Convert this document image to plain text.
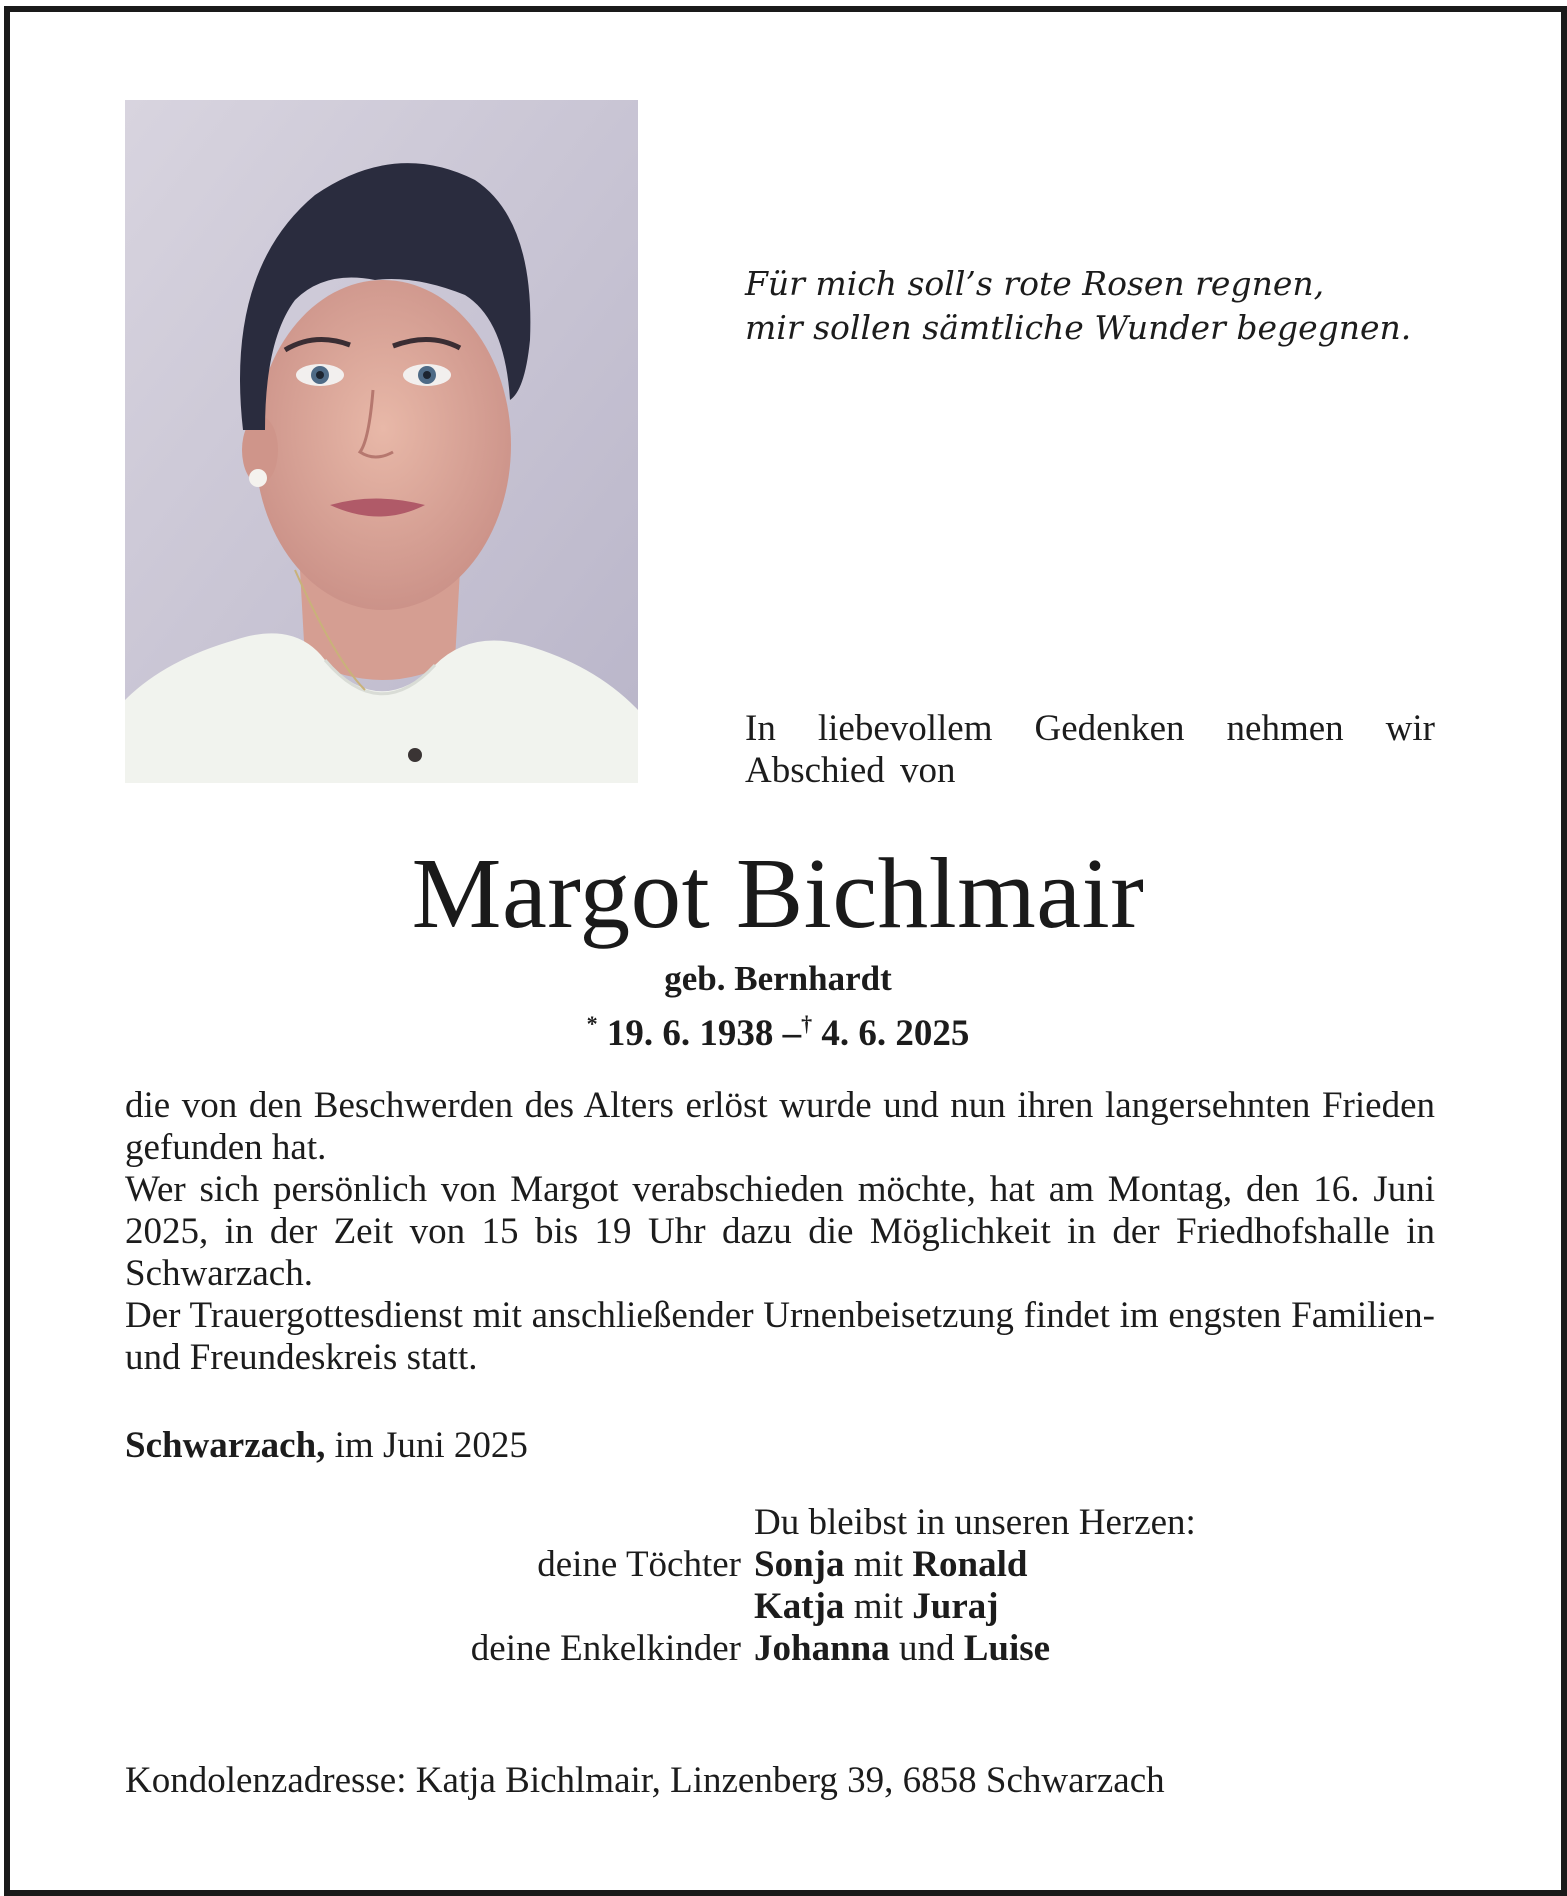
Für mich soll’s rote Rosen regnen,
mir sollen sämtliche Wunder begegnen.
In liebevollem Gedenken nehmen wir Abschied von
Margot Bichlmair
geb. Bernhardt
* 19. 6. 1938 –† 4. 6. 2025

die von den Beschwerden des Alters erlöst wurde und nun ihren langersehnten Frieden gefunden hat.

Wer sich persönlich von Margot verabschieden möchte, hat am Montag, den 16. Juni 2025, in der Zeit von 15 bis 19 Uhr dazu die Möglichkeit in der Friedhofshalle in Schwarzach.

Der Trauergottesdienst mit anschließender Urnenbeisetzung findet im engsten Familien- und Freundeskreis statt.

Schwarzach, im Juni 2025
Du bleibst in unseren Herzen:
deine Töchter Sonja mit Ronald
Katja mit Juraj
deine Enkelkinder Johanna und Luise
Kondolenzadresse: Katja Bichlmair, Linzenberg 39, 6858 Schwarzach
